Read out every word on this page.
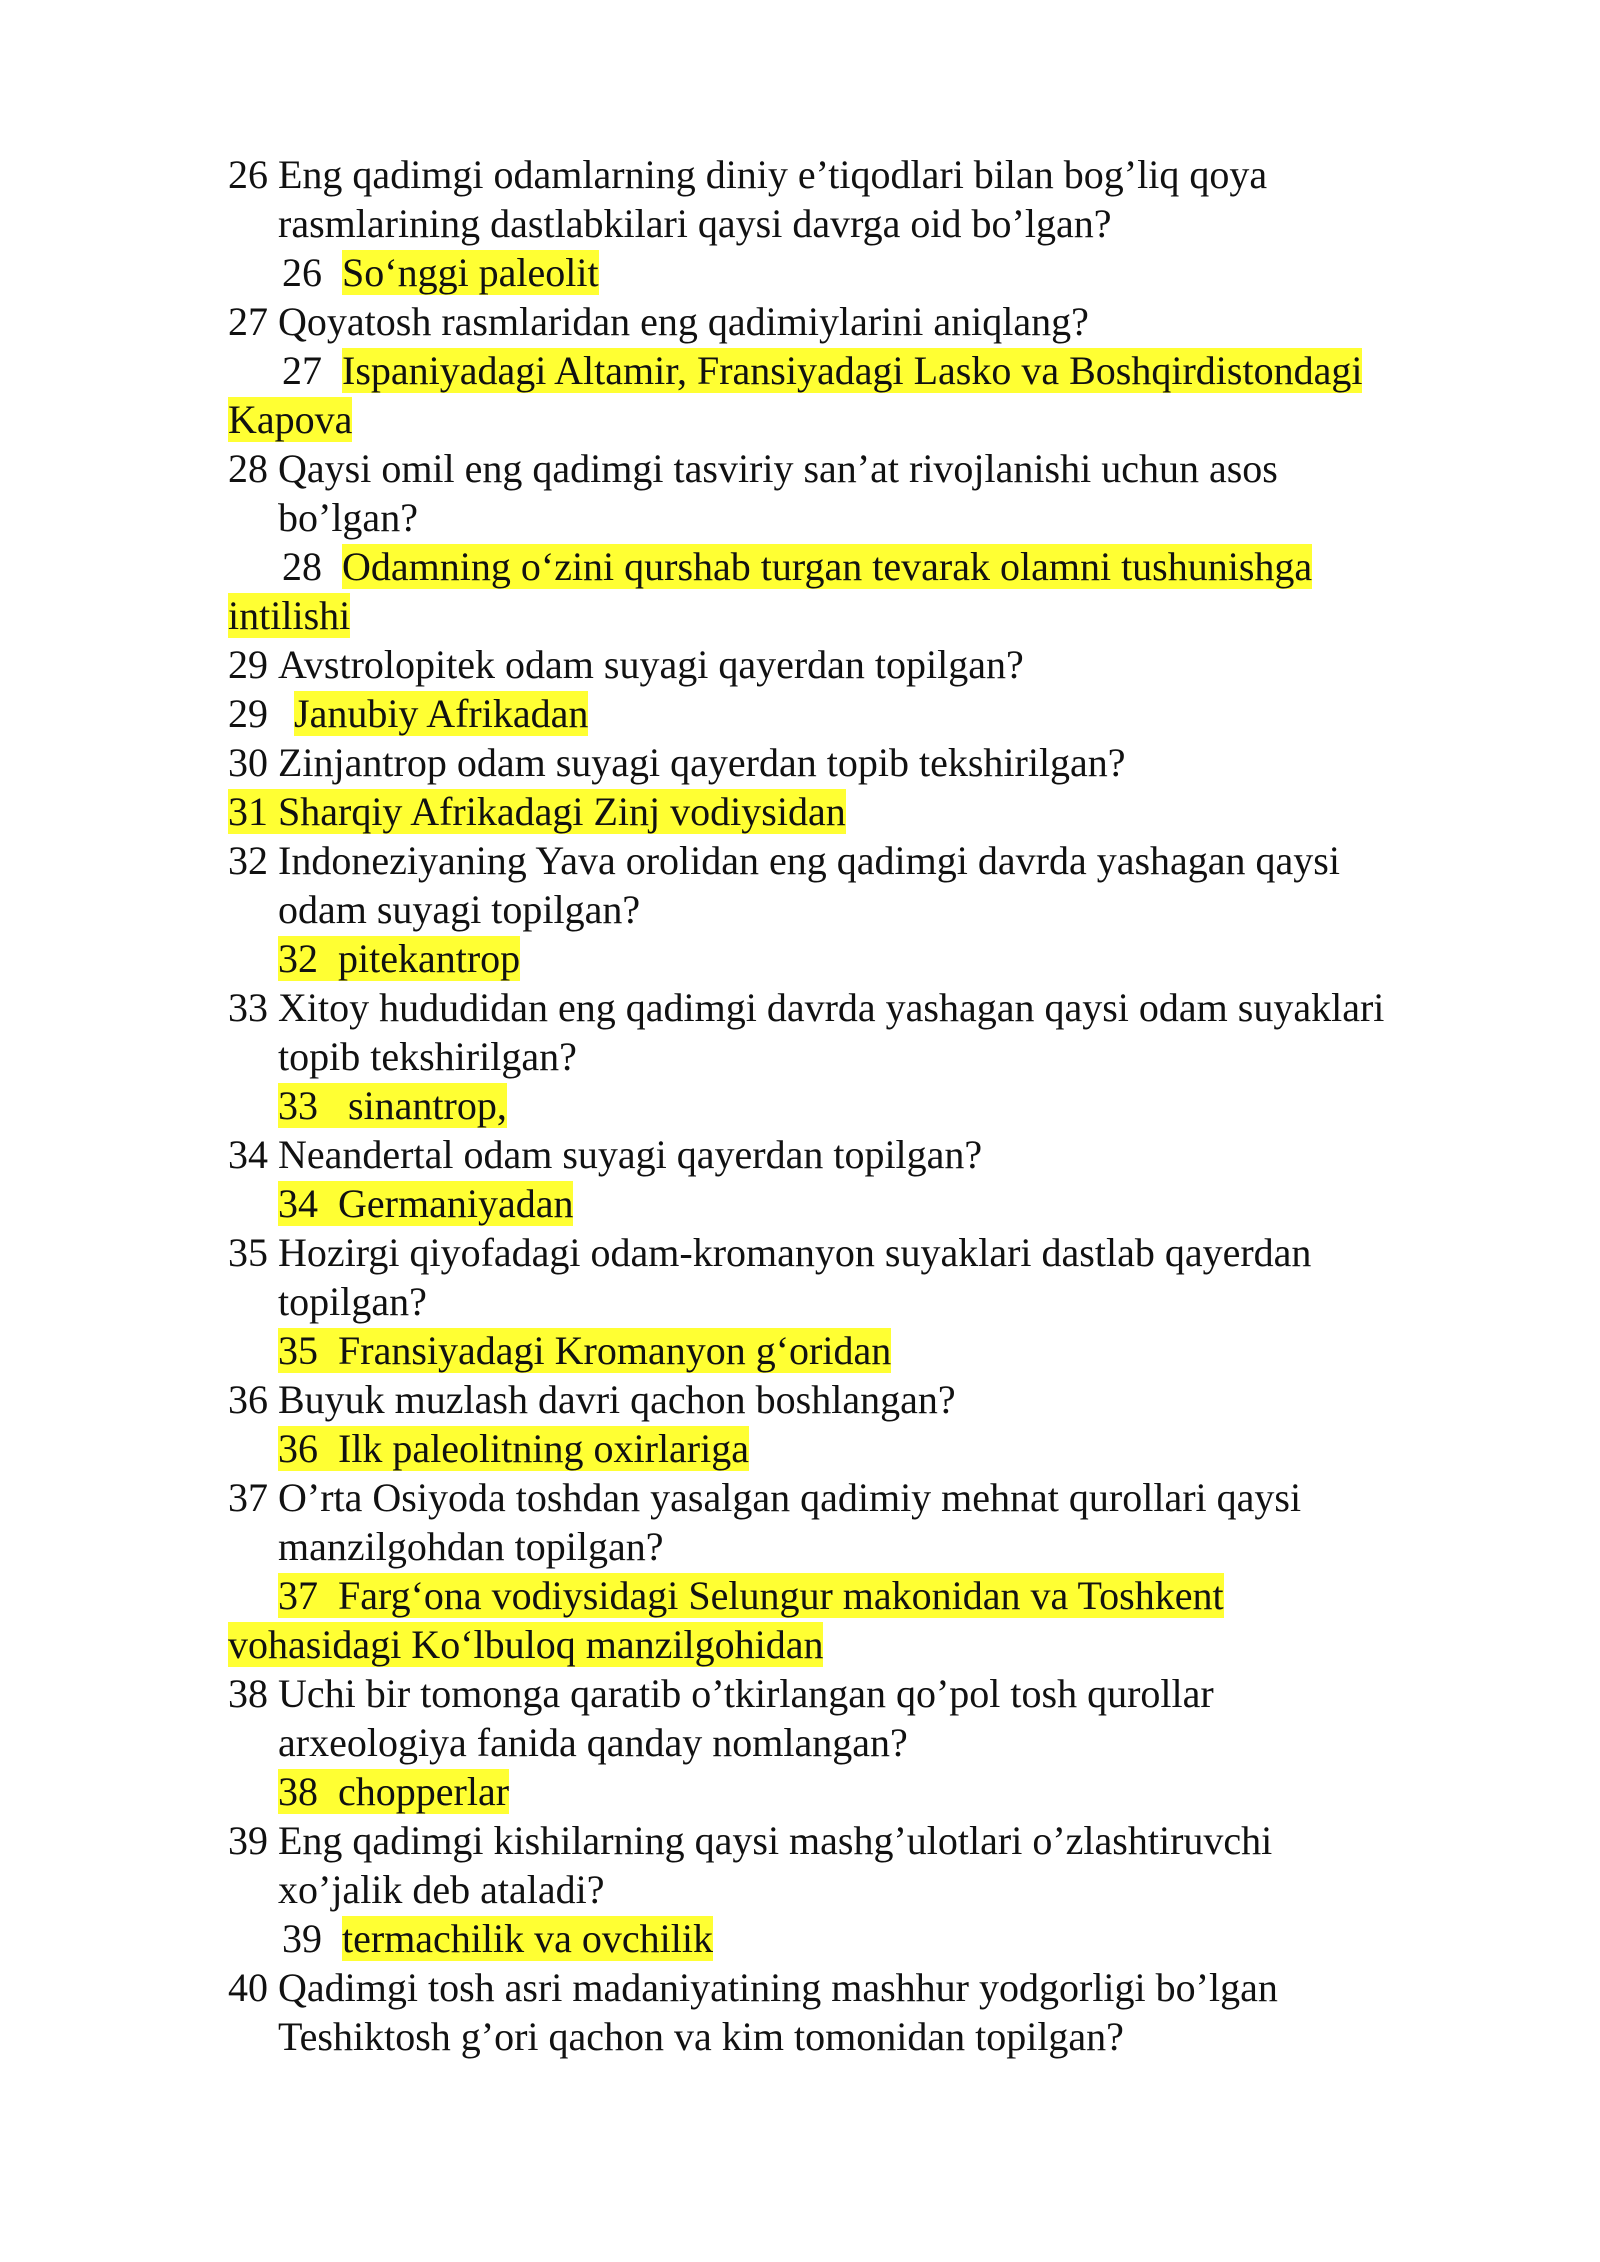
26 Eng qadimgi odamlarning diniy e’tiqodlari bilan bog’liq qoya
rasmlarining dastlabkilari qaysi davrga oid bo’lgan?
26 So‘nggi paleolit
27 Qoyatosh rasmlaridan eng qadimiylarini aniqlang?
27 Ispaniyadagi Altamir, Fransiyadagi Lasko va Boshqirdistondagi
Kapova
28 Qaysi omil eng qadimgi tasviriy san’at rivojlanishi uchun asos
bo’lgan?
28 Odamning o‘zini qurshab turgan tevarak olamni tushunishga
intilishi
29 Avstrolopitek odam suyagi qayerdan topilgan?
29 Janubiy Afrikadan
30 Zinjantrop odam suyagi qayerdan topib tekshirilgan?
31 Sharqiy Afrikadagi Zinj vodiysidan
32 Indoneziyaning Yava orolidan eng qadimgi davrda yashagan qaysi
odam suyagi topilgan?
32 pitekantrop
33 Xitoy hududidan eng qadimgi davrda yashagan qaysi odam suyaklari
topib tekshirilgan?
33 sinantrop,
34 Neandertal odam suyagi qayerdan topilgan?
34 Germaniyadan
35 Hozirgi qiyofadagi odam-kromanyon suyaklari dastlab qayerdan
topilgan?
35 Fransiyadagi Kromanyon g‘oridan
36 Buyuk muzlash davri qachon boshlangan?
36 Ilk paleolitning oxirlariga
37 O’rta Osiyoda toshdan yasalgan qadimiy mehnat qurollari qaysi
manzilgohdan topilgan?
37 Farg‘ona vodiysidagi Selungur makonidan va Toshkent
vohasidagi Ko‘lbuloq manzilgohidan
38 Uchi bir tomonga qaratib o’tkirlangan qo’pol tosh qurollar
arxeologiya fanida qanday nomlangan?
38 chopperlar
39 Eng qadimgi kishilarning qaysi mashg’ulotlari o’zlashtiruvchi
xo’jalik deb ataladi?
39 termachilik va ovchilik
40 Qadimgi tosh asri madaniyatining mashhur yodgorligi bo’lgan
Teshiktosh g’ori qachon va kim tomonidan topilgan?
